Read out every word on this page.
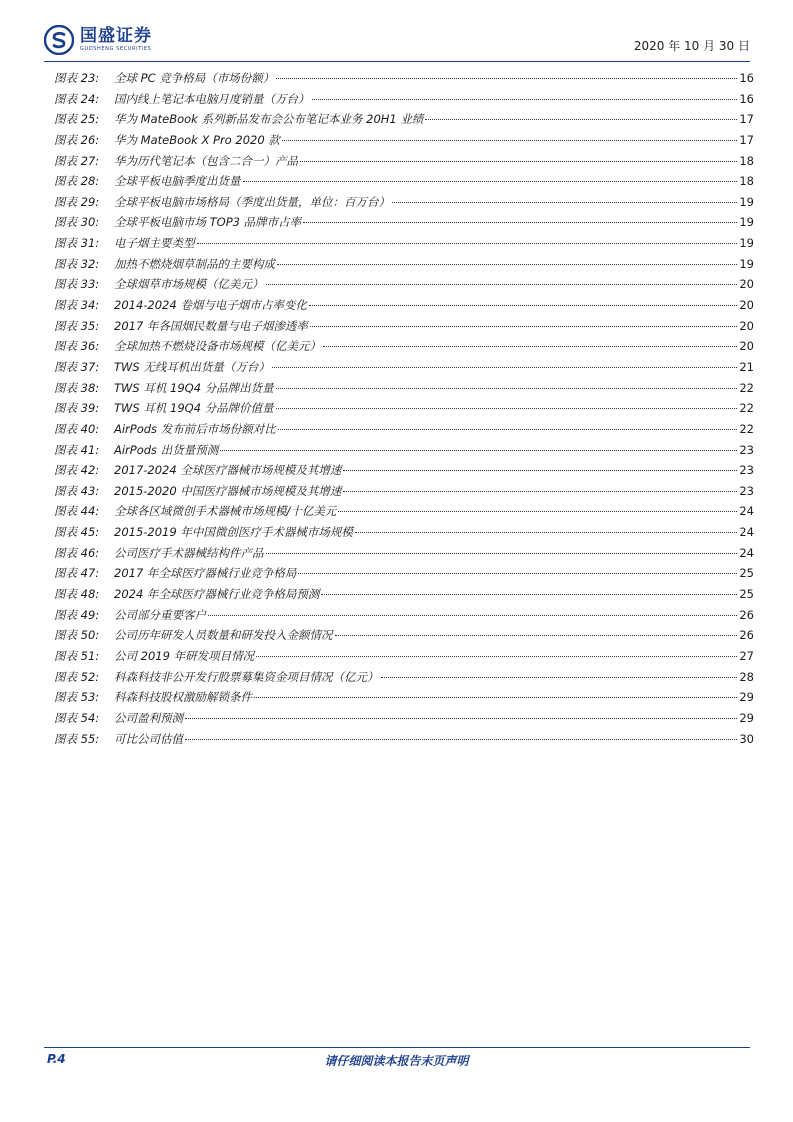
国盛证券
GUOSHENG SECURITIES	2020 年 10 月 30 日
图表 23:	全球 PC 竞争格局（市场份额）	16
图表 24:	国内线上笔记本电脑月度销量（万台）	16
图表 25:	华为 MateBook 系列新品发布会公布笔记本业务 20H1 业绩	17
图表 26:	华为 MateBook X Pro 2020 款	17
图表 27:	华为历代笔记本（包含二合一）产品	18
图表 28:	全球平板电脑季度出货量	18
图表 29:	全球平板电脑市场格局（季度出货量，单位：百万台）	19
图表 30:	全球平板电脑市场 TOP3 品牌市占率	19
图表 31:	电子烟主要类型	19
图表 32:	加热不燃烧烟草制品的主要构成	19
图表 33:	全球烟草市场规模（亿美元）	20
图表 34:	2014-2024 卷烟与电子烟市占率变化	20
图表 35:	2017 年各国烟民数量与电子烟渗透率	20
图表 36:	全球加热不燃烧设备市场规模（亿美元）	20
图表 37:	TWS 无线耳机出货量（万台）	21
图表 38:	TWS 耳机 19Q4 分品牌出货量	22
图表 39:	TWS 耳机 19Q4 分品牌价值量	22
图表 40:	AirPods 发布前后市场份额对比	22
图表 41:	AirPods 出货量预测	23
图表 42:	2017-2024 全球医疗器械市场规模及其增速	23
图表 43:	2015-2020 中国医疗器械市场规模及其增速	23
图表 44:	全球各区域微创手术器械市场规模/十亿美元	24
图表 45:	2015-2019 年中国微创医疗手术器械市场规模	24
图表 46:	公司医疗手术器械结构件产品	24
图表 47:	2017 年全球医疗器械行业竞争格局	25
图表 48:	2024 年全球医疗器械行业竞争格局预测	25
图表 49:	公司部分重要客户	26
图表 50:	公司历年研发人员数量和研发投入金额情况	26
图表 51:	公司 2019 年研发项目情况	27
图表 52:	科森科技非公开发行股票募集资金项目情况（亿元）	28
图表 53:	科森科技股权激励解锁条件	29
图表 54:	公司盈利预测	29
图表 55:	可比公司估值	30
P.4	请仔细阅读本报告末页声明
